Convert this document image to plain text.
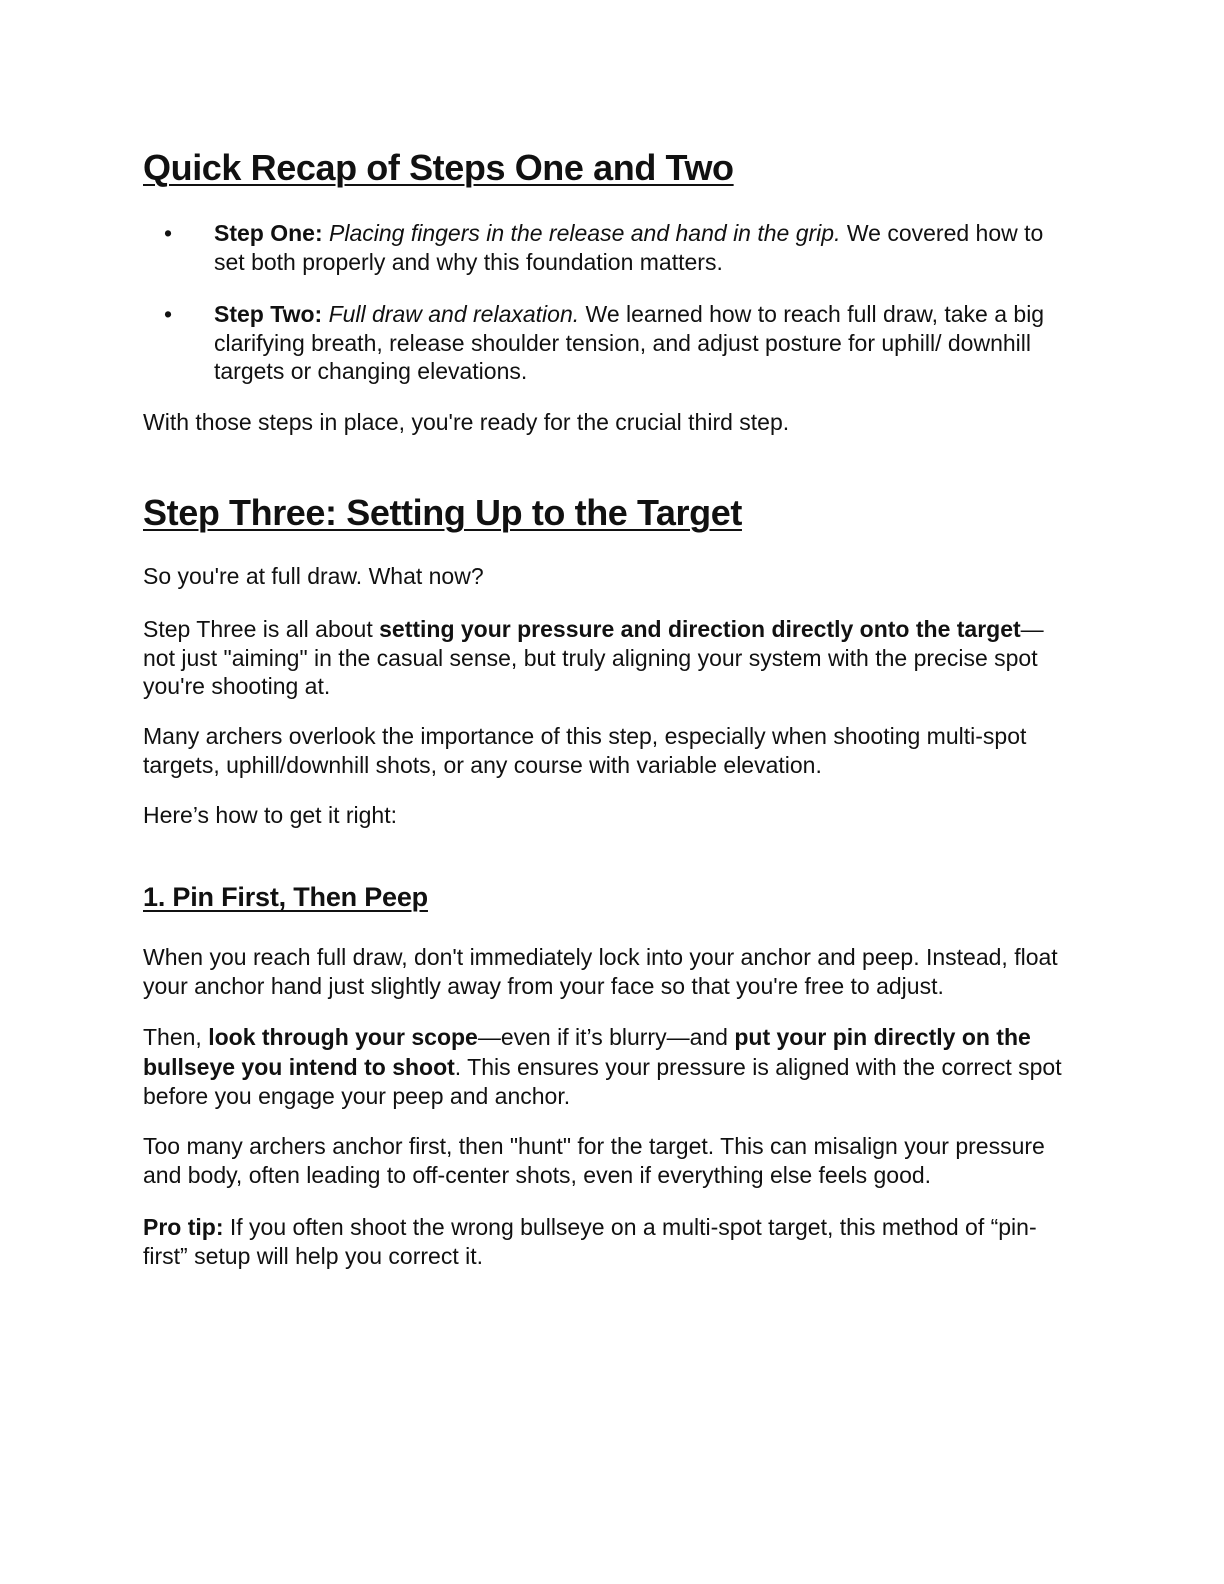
Quick Recap of Steps One and Two
• Step One: Placing fingers in the release and hand in the grip. We covered how to set both properly and why this foundation matters.
• Step Two: Full draw and relaxation. We learned how to reach full draw, take a big clarifying breath, release shoulder tension, and adjust posture for uphill/ downhill targets or changing elevations.

With those steps in place, you're ready for the crucial third step.

Step Three: Setting Up to the Target

So you're at full draw. What now?

Step Three is all about setting your pressure and direction directly onto the target—not just "aiming" in the casual sense, but truly aligning your system with the precise spot you're shooting at.

Many archers overlook the importance of this step, especially when shooting multi-spot targets, uphill/downhill shots, or any course with variable elevation.

Here’s how to get it right:

1. Pin First, Then Peep

When you reach full draw, don't immediately lock into your anchor and peep. Instead, float your anchor hand just slightly away from your face so that you're free to adjust.

Then, look through your scope—even if it’s blurry—and put your pin directly on the bullseye you intend to shoot. This ensures your pressure is aligned with the correct spot before you engage your peep and anchor.

Too many archers anchor first, then "hunt" for the target. This can misalign your pressure and body, often leading to off-center shots, even if everything else feels good.

Pro tip: If you often shoot the wrong bullseye on a multi-spot target, this method of “pin-first” setup will help you correct it.
